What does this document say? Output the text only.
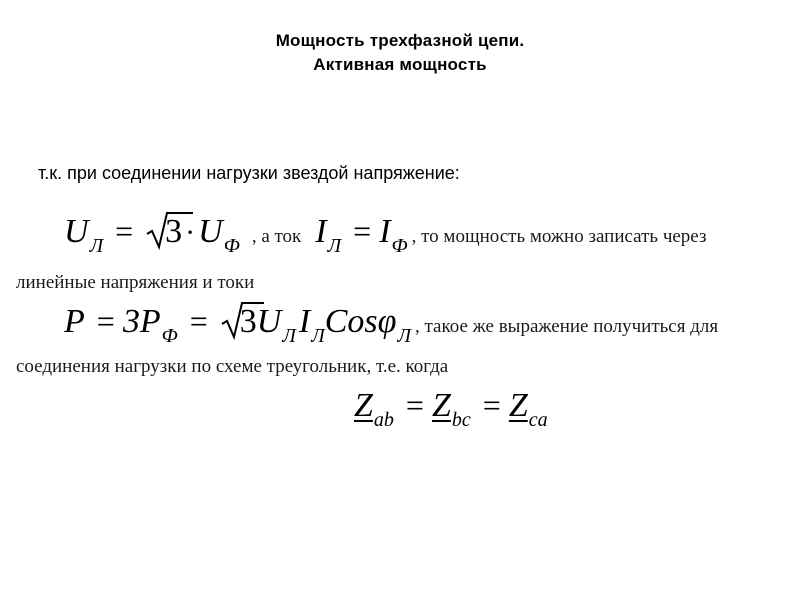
Мощность трехфазной цепи.
Активная мощность
т.к. при соединении нагрузки звездой напряжение:
UЛ = 3 ·UФ , а ток IЛ = IФ , то мощность можно записать через
линейные напряжения и токи
P = 3PФ = 3UЛIЛCosφЛ , такое же выражение получиться для
соединения нагрузки по схеме треугольник, т.е. когда
Zab = Zbc = Zca
